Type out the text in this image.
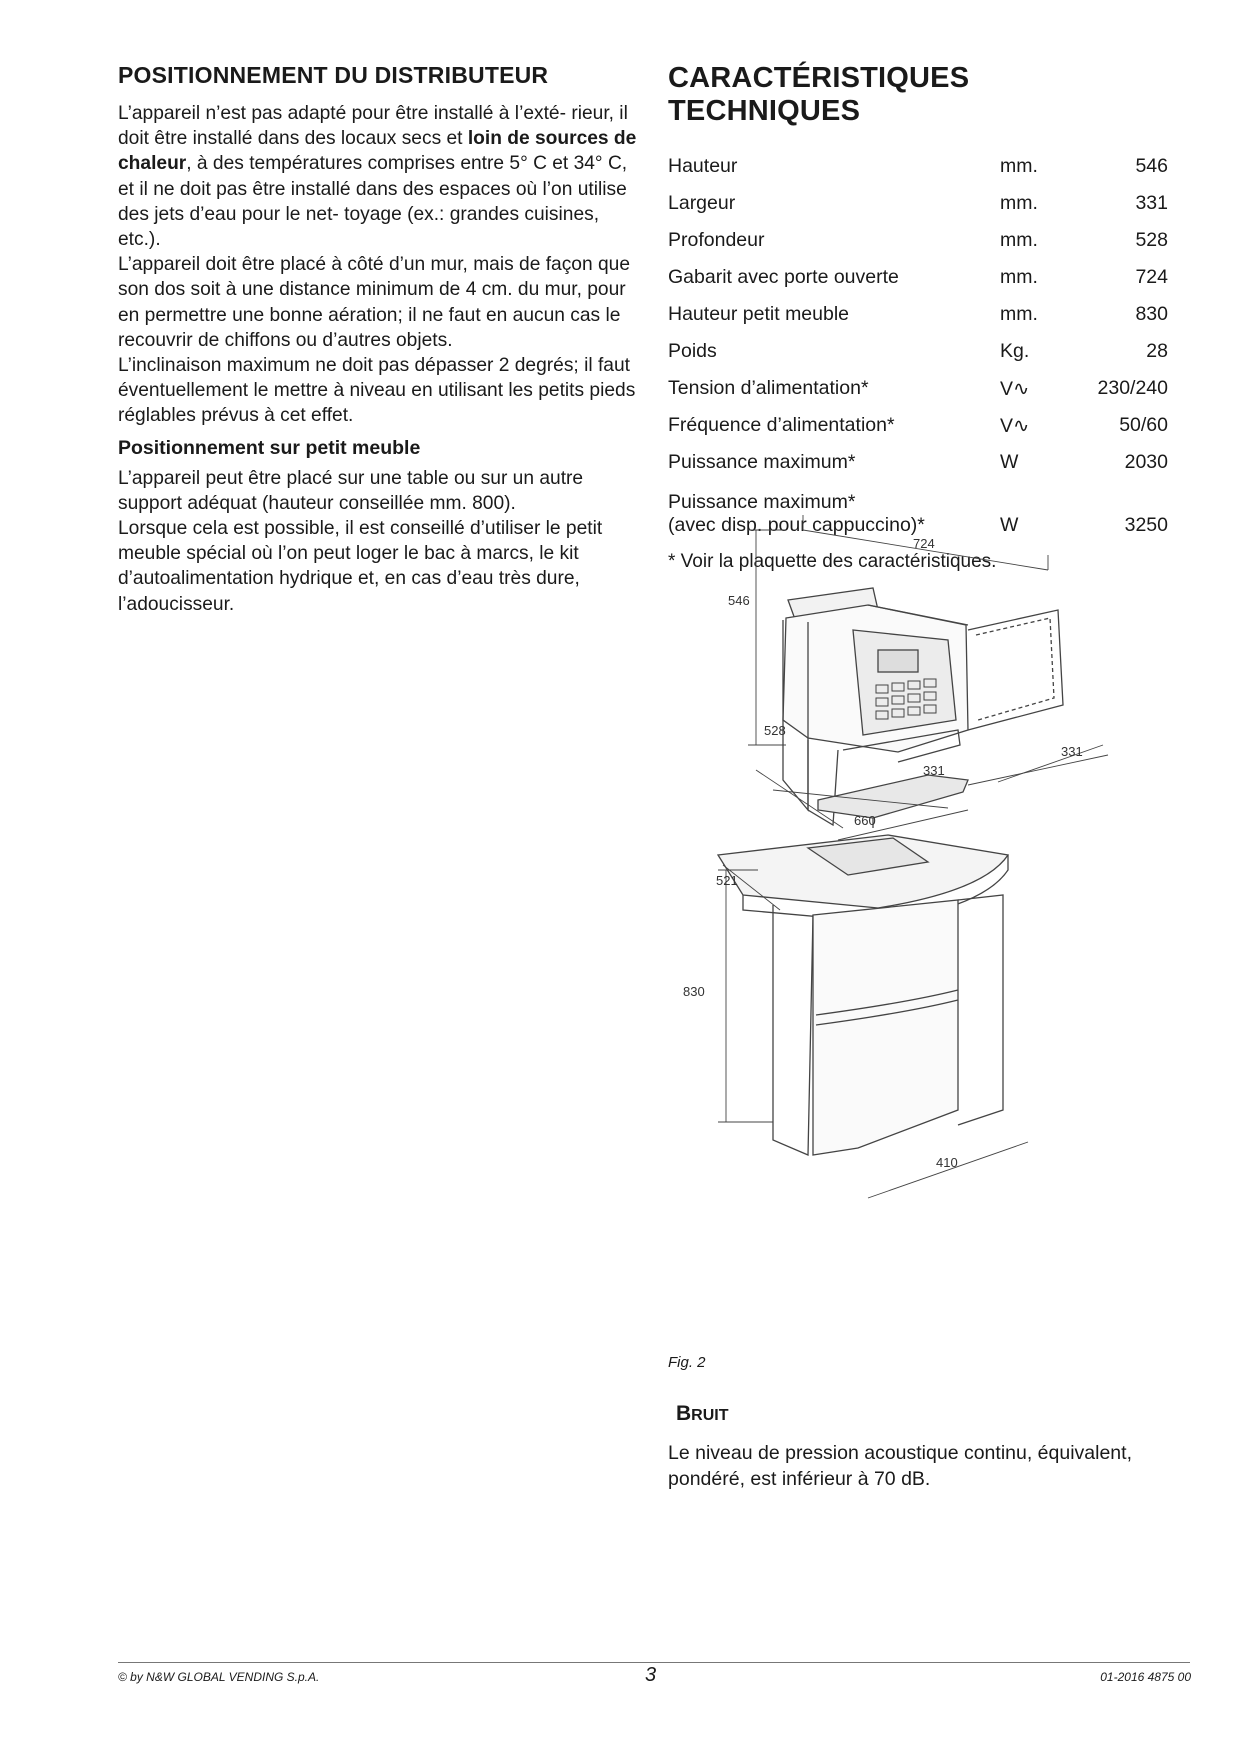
POSITIONNEMENT DU DISTRIBUTEUR

L’appareil n’est pas adapté pour être installé à l’exté- rieur, il doit être installé dans des locaux secs et loin de sources de chaleur, à des températures comprises entre 5° C et 34° C, et il ne doit pas être installé dans des espaces où l’on utilise des jets d’eau pour le net- toyage (ex.: grandes cuisines, etc.).

L’appareil doit être placé à côté d’un mur, mais de façon que son dos soit à une distance minimum de 4 cm. du mur, pour en permettre une bonne aération; il ne faut en aucun cas le recouvrir de chiffons ou d’autres objets.

L’inclinaison maximum ne doit pas dépasser 2 degrés; il faut éventuellement le mettre à niveau en utilisant les petits pieds réglables prévus à cet effet.

Positionnement sur petit meuble

L’appareil peut être placé sur une table ou sur un autre support adéquat (hauteur conseillée mm. 800).

Lorsque cela est possible, il est conseillé d’utiliser le petit meuble spécial où l’on peut loger le bac à marcs, le kit d’autoalimentation hydrique et, en cas d’eau très dure, l’adoucisseur.

CARACTÉRISTIQUES TECHNIQUES
Hauteur	mm.	546
Largeur	mm.	331
Profondeur	mm.	528
Gabarit avec porte ouverte	mm.	724
Hauteur petit meuble	mm.	830
Poids	Kg.	28
Tension d’alimentation*	V∿	230/240
Fréquence d’alimentation*	V∿	50/60
Puissance maximum*	W	2030
Puissance maximum*
(avec disp. pour cappuccino)*	W	3250
* Voir la plaquette des caractéristiques.
724
546
528
331
331
660
521
830
410
Fig. 2
BRUIT

Le niveau de pression acoustique continu, équivalent, pondéré, est inférieur à 70 dB.

© by N&W GLOBAL VENDING S.p.A.	3	01-2016 4875 00
